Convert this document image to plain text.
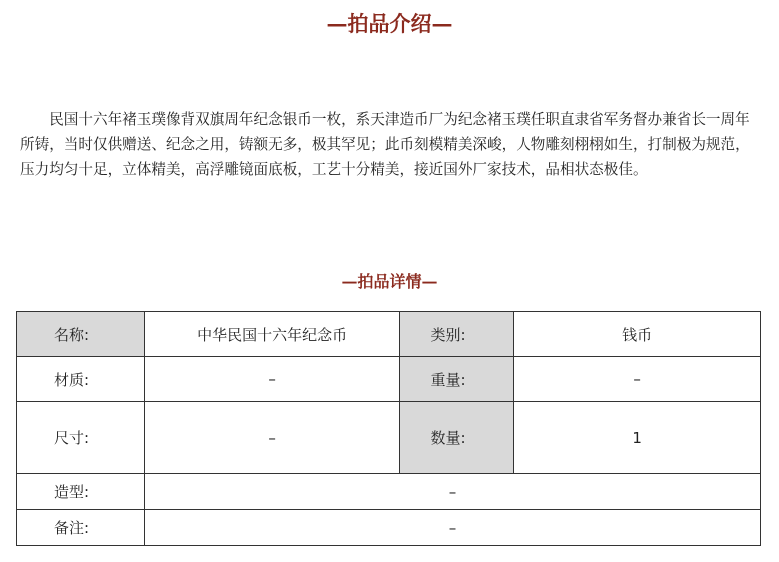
—拍品介绍—

民国十六年褚玉璞像背双旗周年纪念银币一枚，系天津造币厂为纪念褚玉璞任职直隶省军务督办兼省长一周年所铸，当时仅供赠送、纪念之用，铸额无多，极其罕见；此币刻模精美深峻，人物雕刻栩栩如生，打制极为规范，压力均匀十足，立体精美，高浮雕镜面底板，工艺十分精美，接近国外厂家技术，品相状态极佳。

—拍品详情—
名称:	中华民国十六年纪念币	类别:	钱币
材质:	–	重量:	–
尺寸:	–	数量:	1
造型:	–		
备注:	–		
